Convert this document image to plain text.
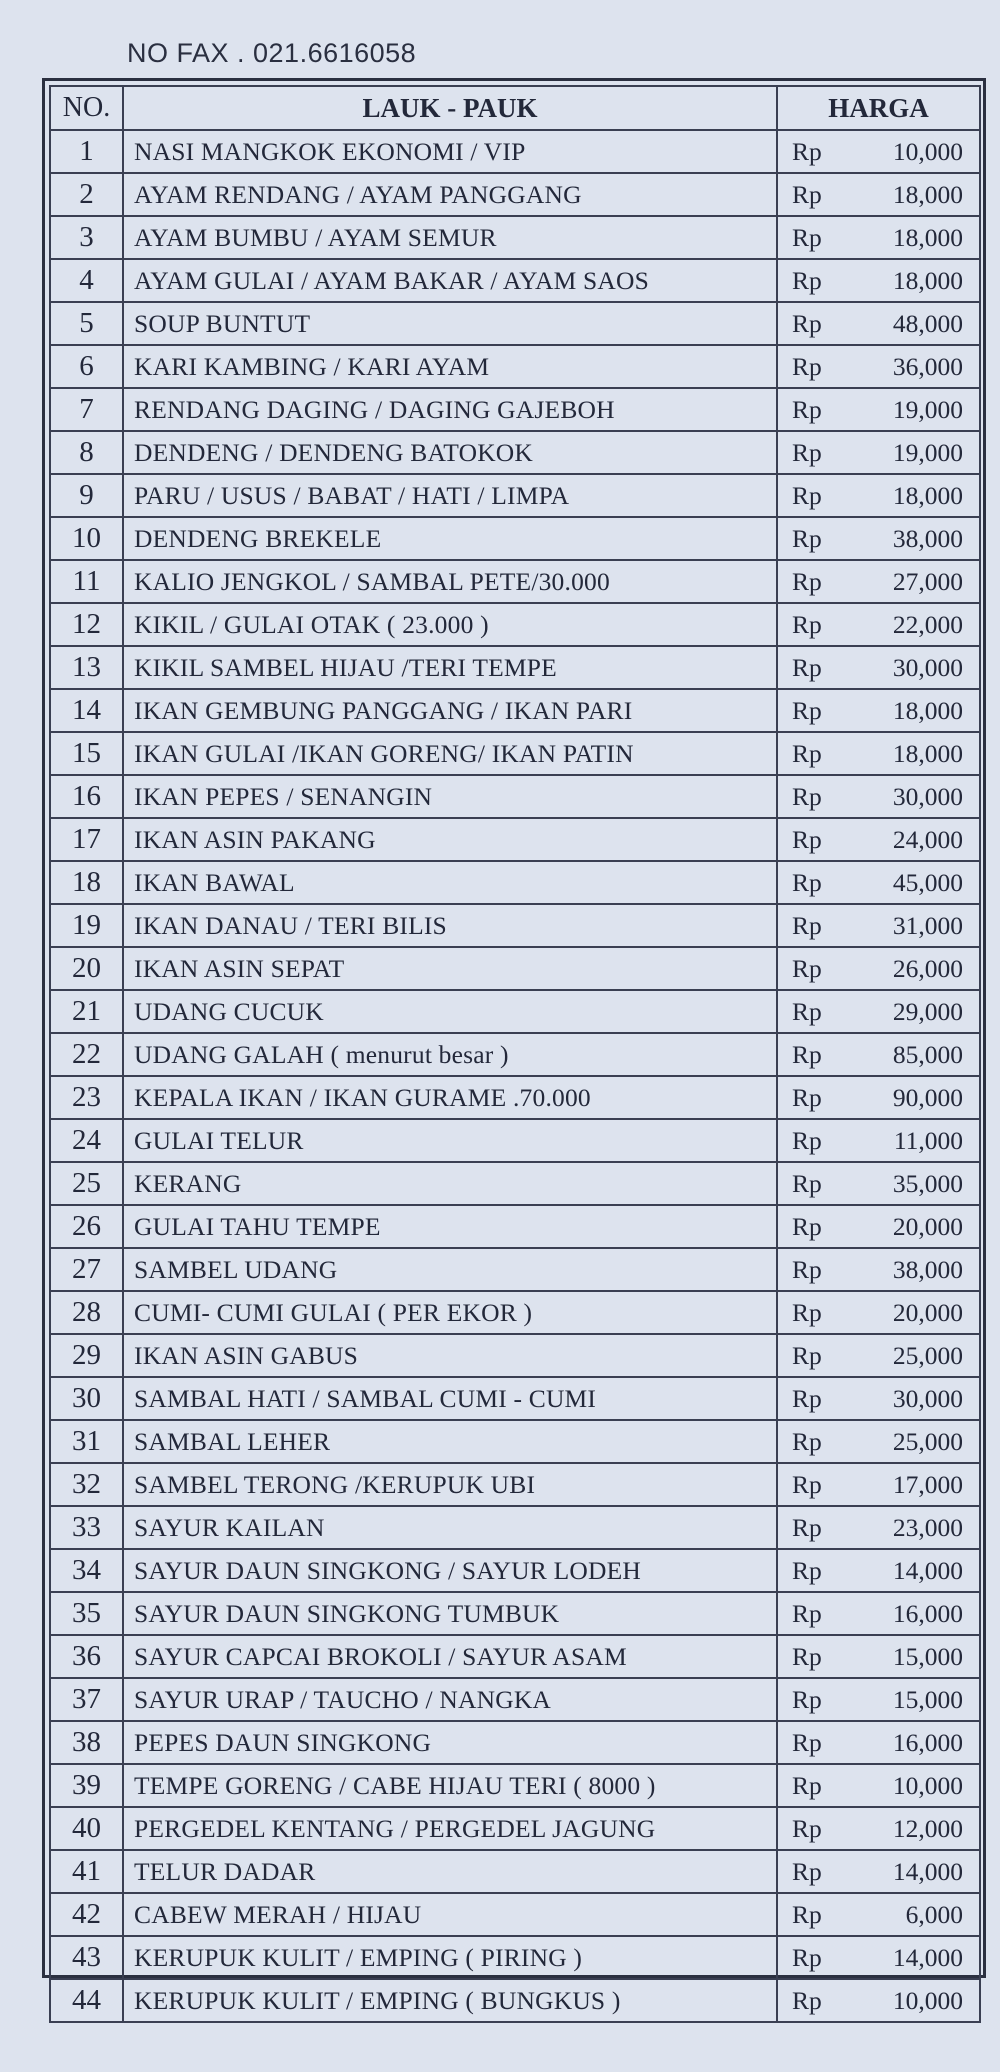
NO FAX . 021.6616058
NO.	LAUK - PAUK	HARGA
1	NASI MANGKOK EKONOMI / VIP	Rp 10,000

2	AYAM RENDANG / AYAM PANGGANG	Rp 18,000

3	AYAM BUMBU / AYAM SEMUR	Rp 18,000

4	AYAM GULAI / AYAM BAKAR / AYAM SAOS	Rp 18,000

5	SOUP BUNTUT	Rp 48,000

6	KARI KAMBING / KARI AYAM	Rp 36,000

7	RENDANG DAGING / DAGING GAJEBOH	Rp 19,000

8	DENDENG / DENDENG BATOKOK	Rp 19,000

9	PARU / USUS / BABAT / HATI / LIMPA	Rp 18,000

10	DENDENG BREKELE	Rp 38,000

11	KALIO JENGKOL / SAMBAL PETE/30.000	Rp 27,000

12	KIKIL / GULAI OTAK ( 23.000 )	Rp 22,000

13	KIKIL SAMBEL HIJAU /TERI TEMPE	Rp 30,000

14	IKAN GEMBUNG PANGGANG / IKAN PARI	Rp 18,000

15	IKAN GULAI /IKAN GORENG/ IKAN PATIN	Rp 18,000

16	IKAN PEPES / SENANGIN	Rp 30,000

17	IKAN ASIN PAKANG	Rp 24,000

18	IKAN BAWAL	Rp 45,000

19	IKAN DANAU / TERI BILIS	Rp 31,000

20	IKAN ASIN SEPAT	Rp 26,000

21	UDANG CUCUK	Rp 29,000

22	UDANG GALAH ( menurut besar )	Rp 85,000

23	KEPALA IKAN / IKAN GURAME .70.000	Rp 90,000

24	GULAI TELUR	Rp 11,000

25	KERANG	Rp 35,000

26	GULAI TAHU TEMPE	Rp 20,000

27	SAMBEL UDANG	Rp 38,000

28	CUMI- CUMI GULAI ( PER EKOR )	Rp 20,000

29	IKAN ASIN GABUS	Rp 25,000

30	SAMBAL HATI / SAMBAL CUMI - CUMI	Rp 30,000

31	SAMBAL LEHER	Rp 25,000

32	SAMBEL TERONG /KERUPUK UBI	Rp 17,000

33	SAYUR KAILAN	Rp 23,000

34	SAYUR DAUN SINGKONG / SAYUR LODEH	Rp 14,000

35	SAYUR DAUN SINGKONG TUMBUK	Rp 16,000

36	SAYUR CAPCAI BROKOLI / SAYUR ASAM	Rp 15,000

37	SAYUR URAP / TAUCHO / NANGKA	Rp 15,000

38	PEPES DAUN SINGKONG	Rp 16,000

39	TEMPE GORENG / CABE HIJAU TERI ( 8000 )	Rp 10,000

40	PERGEDEL KENTANG / PERGEDEL JAGUNG	Rp 12,000

41	TELUR DADAR	Rp 14,000

42	CABEW MERAH / HIJAU	Rp 6,000

43	KERUPUK KULIT / EMPING ( PIRING )	Rp 14,000

44	KERUPUK KULIT / EMPING ( BUNGKUS )	Rp 10,000
